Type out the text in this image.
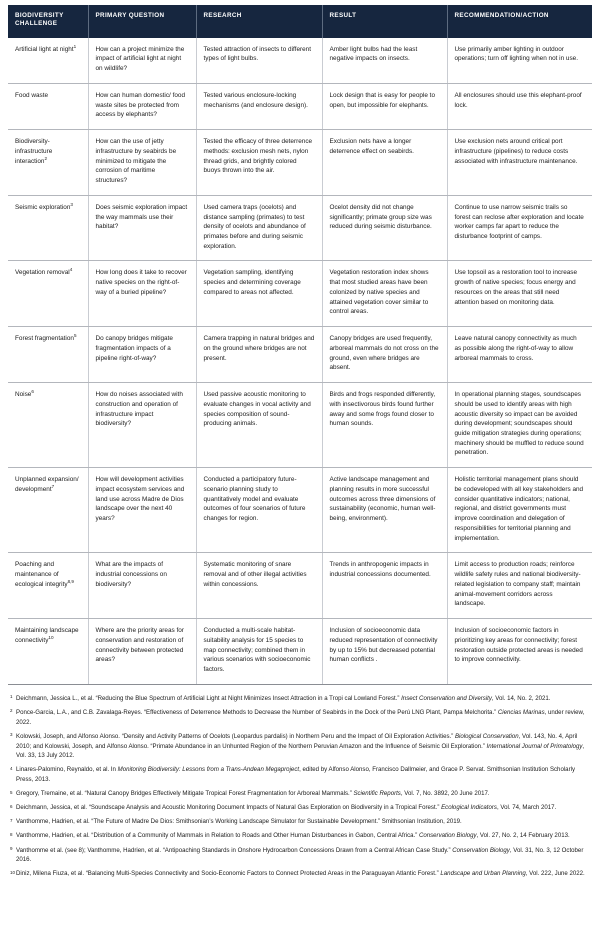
BIODIVERSITY CHALLENGE	PRIMARY QUESTION	RESEARCH	RESULT	RECOMMENDATION/ACTION
Artificial light at night$^1$	How can a project minimize the impact of artificial light at night on wildlife?	Tested attraction of insects to different types of light bulbs.	Amber light bulbs had the least negative impacts on insects.	Use primarily amber lighting in outdoor operations; turn off lighting when not in use.
Food waste	How can human domestic/ food waste sites be protected from access by elephants?	Tested various enclosure-locking mechanisms (and enclosure design).	Lock design that is easy for people to open, but impossible for elephants.	All enclosures should use this elephant-proof lock.
Biodiversity-infrastructure interaction$^2$	How can the use of jetty infrastructure by seabirds be minimized to mitigate the corrosion of maritime structures?	Tested the efficacy of three deterrence methods: exclusion mesh nets, nylon thread grids, and brightly colored buoys thrown into the air.	Exclusion nets have a longer deterrence effect on seabirds.	Use exclusion nets around critical port infrastructure (pipelines) to reduce costs associated with infrastructure maintenance.
Seismic exploration$^3$	Does seismic exploration impact the way mammals use their habitat?	Used camera traps (ocelots) and distance sampling (primates) to test density of ocelots and abundance of primates before and during seismic exploration.	Ocelot density did not change significantly; primate group size was reduced during seismic disturbance.	Continue to use narrow seismic trails so forest can reclose after exploration and locate worker camps far apart to reduce the disturbance footprint of camps.
Vegetation removal$^4$	How long does it take to recover native species on the right-of-way of a buried pipeline?	Vegetation sampling, identifying species and determining coverage compared to areas not affected.	Vegetation restoration index shows that most studied areas have been colonized by native species and attained vegetation cover similar to control areas.	Use topsoil as a restoration tool to increase growth of native species; focus energy and resources on the areas that still need attention based on monitoring data.
Forest fragmentation$^5$	Do canopy bridges mitigate fragmentation impacts of a pipeline right-of-way?	Camera trapping in natural bridges and on the ground where bridges are not present.	Canopy bridges are used frequently, arboreal mammals do not cross on the ground, even where bridges are absent.	Leave natural canopy connectivity as much as possible along the right-of-way to allow arboreal mammals to cross.
Noise$^6$	How do noises associated with construction and operation of infrastructure impact biodiversity?	Used passive acoustic monitoring to evaluate changes in vocal activity and species composition of sound-producing animals.	Birds and frogs responded differently, with insectivorous birds found further away and some frogs found closer to human sounds.	In operational planning stages, soundscapes should be used to identify areas with high acoustic diversity so impact can be avoided during development; soundscapes should guide mitigation strategies during operations; machinery should be muffled to reduce sound penetration.
Unplanned expansion/ development$^7$	How will development activities impact ecosystem services and land use across Madre de Dios landscape over the next 40 years?	Conducted a participatory future-scenario planning study to quantitatively model and evaluate outcomes of four scenarios of future changes for region.	Active landscape management and planning results in more successful outcomes across three dimensions of sustainability (economic, human well-being, environment).	Holistic territorial management plans should be codeveloped with all key stakeholders and consider quantitative indicators; national, regional, and district governments must improve coordination and delegation of responsibilities for territorial planning and implementation.
Poaching and maintenance of ecological integrity$^{8,9}$	What are the impacts of industrial concessions on biodiversity?	Systematic monitoring of snare removal and of other illegal activities within concessions.	Trends in anthropogenic impacts in industrial concessions documented.	Limit access to production roads; reinforce wildlife safety rules and national biodiversity-related legislation to company staff; maintain animal-movement corridors across landscape.
Maintaining landscape connectivity$^{10}$	Where are the priority areas for conservation and restoration of connectivity between protected areas?	Conducted a multi-scale habitat-suitability analysis for 15 species to map connectivity; combined them in various scenarios with socioeconomic factors.	Inclusion of socioeconomic data reduced representation of connectivity by up to 15% but decreased potential human conflicts .	Inclusion of socioeconomic factors in prioritizing key areas for connectivity; forest restoration outside protected areas is needed to improve connectivity.
1 Deichmann, Jessica L., et al. “Reducing the Blue Spectrum of Artificial Light at Night Minimizes Insect Attraction in a Tropi cal Lowland Forest.” Insect Conservation and Diversity, Vol. 14, No. 2, 2021.
2 Ponce-Garcia, L.A., and C.B. Zavalaga-Reyes. “Effectiveness of Deterrence Methods to Decrease the Number of Seabirds in the Dock of the Perú LNG Plant, Pampa Melchorita.” Ciencias Marinas, under review, 2022.
3 Kolowski, Joseph, and Alfonso Alonso. “Density and Activity Patterns of Ocelots (Leopardus pardalis) in Northern Peru and the Impact of Oil Exploration Activities.” Biological Conservation, Vol. 143, No. 4, April 2010; and Kolowski, Joseph, and Alfonso Alonso. “Primate Abundance in an Unhunted Region of the Northern Peruvian Amazon and the Influence of Seismic Oil Exploration.” International Journal of Primatology, Vol. 33, 13 July 2012.
4 Linares-Palomino, Reynaldo, et al. In Monitoring Biodiversity: Lessons from a Trans-Andean Megaproject, edited by Alfonso Alonso, Francisco Dallmeier, and Grace P. Servat. Smithsonian Institution Scholarly Press, 2013.
5 Gregory, Tremaine, et al. “Natural Canopy Bridges Effectively Mitigate Tropical Forest Fragmentation for Arboreal Mammals.” Scientific Reports, Vol. 7, No. 3892, 20 June 2017.
6 Deichmann, Jessica, et al. “Soundscape Analysis and Acoustic Monitoring Document Impacts of Natural Gas Exploration on Biodiversity in a Tropical Forest.” Ecological Indicators, Vol. 74, March 2017.
7 Vanthomme, Hadrien, et al. “The Future of Madre De Dios: Smithsonian’s Working Landscape Simulator for Sustainable Development.” Smithsonian Institution, 2019.
8 Vanthomme, Hadrien, et al. “Distribution of a Community of Mammals in Relation to Roads and Other Human Disturbances in Gabon, Central Africa.” Conservation Biology, Vol. 27, No. 2, 14 February 2013.
9 Vanthomme et al. (see 8); Vanthomme, Hadrien, et al. “Antipoaching Standards in Onshore Hydrocarbon Concessions Drawn from a Central African Case Study.” Conservation Biology, Vol. 31, No. 3, 12 October 2016.
10 Diniz, Milena Fiuza, et al. “Balancing Multi-Species Connectivity and Socio-Economic Factors to Connect Protected Areas in the Paraguayan Atlantic Forest.” Landscape and Urban Planning, Vol. 222, June 2022.
